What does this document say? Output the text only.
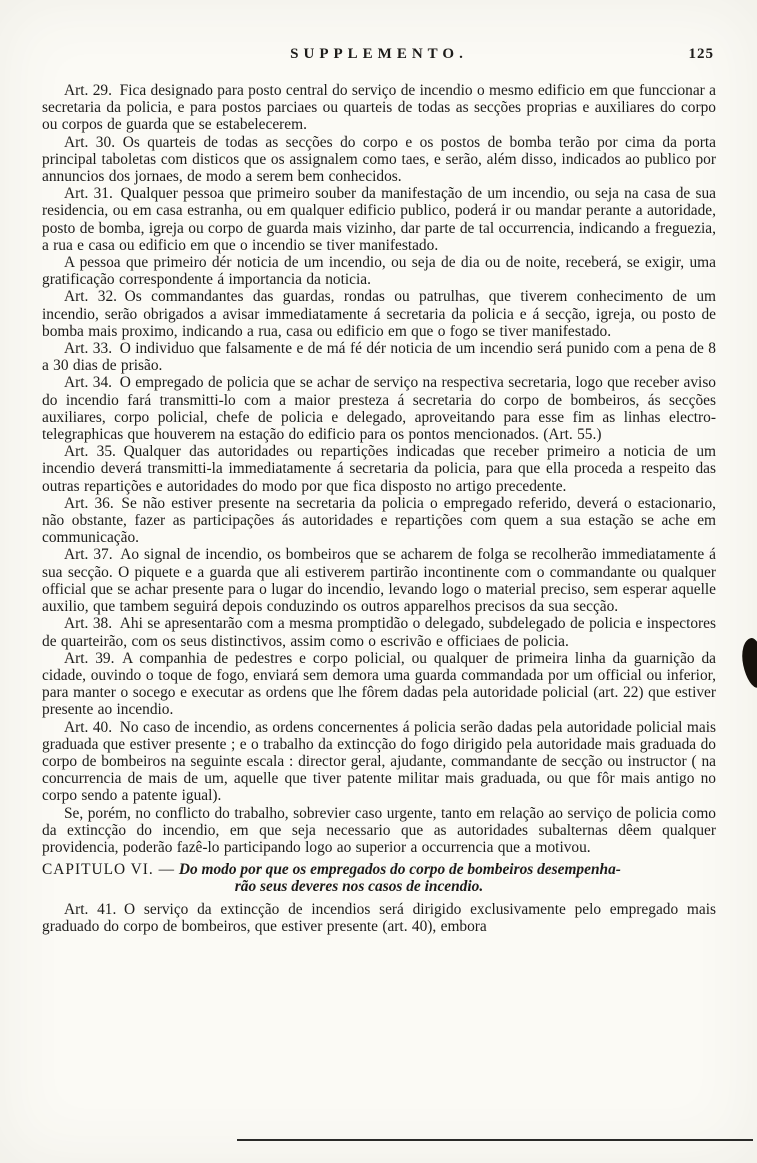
SUPPLEMENTO.	125

Art. 29. Fica designado para posto central do serviço de incendio o mesmo edificio em que funccionar a secretaria da policia, e para postos parciaes ou quarteis de todas as secções proprias e auxiliares do corpo ou corpos de guarda que se estabelecerem.

Art. 30. Os quarteis de todas as secções do corpo e os postos de bomba terão por cima da porta principal taboletas com disticos que os assignalem como taes, e serão, além disso, indicados ao publico por annuncios dos jornaes, de modo a serem bem conhecidos.

Art. 31. Qualquer pessoa que primeiro souber da manifestação de um incendio, ou seja na casa de sua residencia, ou em casa estranha, ou em qualquer edificio publico, poderá ir ou mandar perante a autoridade, posto de bomba, igreja ou corpo de guarda mais vizinho, dar parte de tal occurrencia, indicando a freguezia, a rua e casa ou edificio em que o incendio se tiver manifestado.

A pessoa que primeiro dér noticia de um incendio, ou seja de dia ou de noite, receberá, se exigir, uma gratificação correspondente á importancia da noticia.

Art. 32. Os commandantes das guardas, rondas ou patrulhas, que tiverem conhecimento de um incendio, serão obrigados a avisar immediatamente á secretaria da policia e á secção, igreja, ou posto de bomba mais proximo, indicando a rua, casa ou edificio em que o fogo se tiver manifestado.

Art. 33. O individuo que falsamente e de má fé dér noticia de um incendio será punido com a pena de 8 a 30 dias de prisão.

Art. 34. O empregado de policia que se achar de serviço na respectiva secretaria, logo que receber aviso do incendio fará transmitti-lo com a maior presteza á secretaria do corpo de bombeiros, ás secções auxiliares, corpo policial, chefe de policia e delegado, aproveitando para esse fim as linhas electro-telegraphicas que houverem na estação do edificio para os pontos mencionados. (Art. 55.)

Art. 35. Qualquer das autoridades ou repartições indicadas que receber primeiro a noticia de um incendio deverá transmitti-la immediatamente á secretaria da policia, para que ella proceda a respeito das outras repartições e autoridades do modo por que fica disposto no artigo precedente.

Art. 36. Se não estiver presente na secretaria da policia o empregado referido, deverá o estacionario, não obstante, fazer as participações ás autoridades e repartições com quem a sua estação se ache em communicação.

Art. 37. Ao signal de incendio, os bombeiros que se acharem de folga se recolherão immediatamente á sua secção. O piquete e a guarda que ali estiverem partirão incontinente com o commandante ou qualquer official que se achar presente para o lugar do incendio, levando logo o material preciso, sem esperar aquelle auxilio, que tambem seguirá depois conduzindo os outros apparelhos precisos da sua secção.

Art. 38. Ahi se apresentarão com a mesma promptidão o delegado, subdelegado de policia e inspectores de quarteirão, com os seus distinctivos, assim como o escrivão e officiaes de policia.

Art. 39. A companhia de pedestres e corpo policial, ou qualquer de primeira linha da guarnição da cidade, ouvindo o toque de fogo, enviará sem demora uma guarda commandada por um official ou inferior, para manter o socego e executar as ordens que lhe fôrem dadas pela autoridade policial (art. 22) que estiver presente ao incendio.

Art. 40. No caso de incendio, as ordens concernentes á policia serão dadas pela autoridade policial mais graduada que estiver presente ; e o trabalho da extincção do fogo dirigido pela autoridade mais graduada do corpo de bombeiros na seguinte escala : director geral, ajudante, commandante de secção ou instructor ( na concurrencia de mais de um, aquelle que tiver patente militar mais graduada, ou que fôr mais antigo no corpo sendo a patente igual).

Se, porém, no conflicto do trabalho, sobrevier caso urgente, tanto em relação ao serviço de policia como da extincção do incendio, em que seja necessario que as autoridades subalternas dêem qualquer providencia, poderão fazê-lo participando logo ao superior a occurrencia que a motivou.

CAPITULO VI. — Do modo por que os empregados do corpo de bombeiros desempenha-
rão seus deveres nos casos de incendio.

Art. 41. O serviço da extincção de incendios será dirigido exclusivamente pelo empregado mais graduado do corpo de bombeiros, que estiver presente (art. 40), embora
